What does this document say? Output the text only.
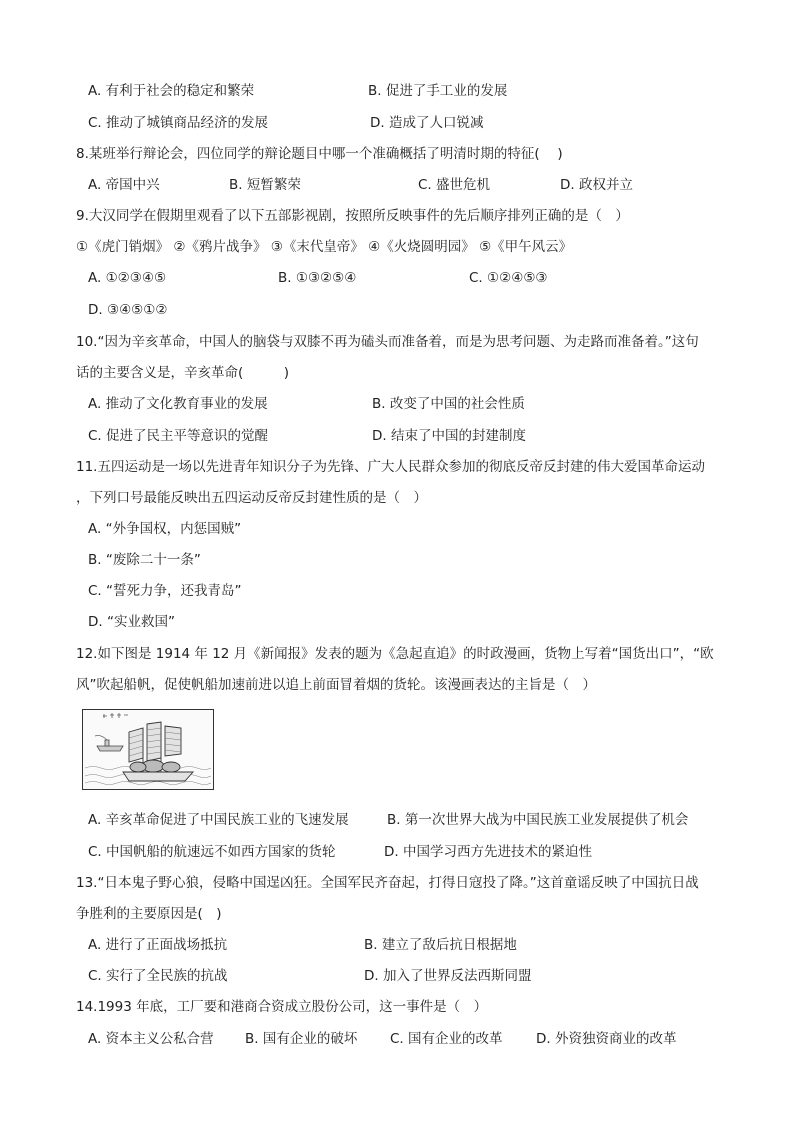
A. 有利于社会的稳定和繁荣	B. 促进了手工业的发展
C. 推动了城镇商品经济的发展	D. 造成了人口锐减
8.某班举行辩论会，四位同学的辩论题目中哪一个准确概括了明清时期的特征(　 )
A. 帝国中兴	B. 短暂繁荣	C. 盛世危机	D. 政权并立
9.大汉同学在假期里观看了以下五部影视剧，按照所反映事件的先后顺序排列正确的是（　）
①《虎门销烟》 ②《鸦片战争》 ③《末代皇帝》 ④《火烧圆明园》 ⑤《甲午风云》
A. ①②③④⑤	B. ①③②⑤④	C. ①②④⑤③
D. ③④⑤①②
10.“因为辛亥革命，中国人的脑袋与双膝不再为磕头而准备着，而是为思考问题、为走路而准备着。”这句
话的主要含义是，辛亥革命(　　　)
A. 推动了文化教育事业的发展	B. 改变了中国的社会性质
C. 促进了民主平等意识的觉醒	D. 结束了中国的封建制度
11.五四运动是一场以先进青年知识分子为先锋、广大人民群众参加的彻底反帝反封建的伟大爱国革命运动
，下列口号最能反映出五四运动反帝反封建性质的是（　）
A. “外争国权，内惩国贼”
B. “废除二十一条”
C. “誓死力争，还我青岛”
D. “实业救国”
12.如下图是 1914 年 12 月《新闻报》发表的题为《急起直追》的时政漫画，货物上写着“国货出口”，“欧
风”吹起船帆，促使帆船加速前进以追上前面冒着烟的货轮。该漫画表达的主旨是（　）
A. 辛亥革命促进了中国民族工业的飞速发展	B. 第一次世界大战为中国民族工业发展提供了机会
C. 中国帆船的航速远不如西方国家的货轮	D. 中国学习西方先进技术的紧迫性
13.“日本鬼子野心狼，侵略中国逞凶狂。全国军民齐奋起，打得日寇投了降。”这首童谣反映了中国抗日战
争胜利的主要原因是(　)
A. 进行了正面战场抵抗	B. 建立了敌后抗日根据地
C. 实行了全民族的抗战	D. 加入了世界反法西斯同盟
14.1993 年底，工厂要和港商合资成立股份公司，这一事件是（　）
A. 资本主义公私合营 B. 国有企业的破坏 C. 国有企业的改革 D. 外资独资商业的改革
